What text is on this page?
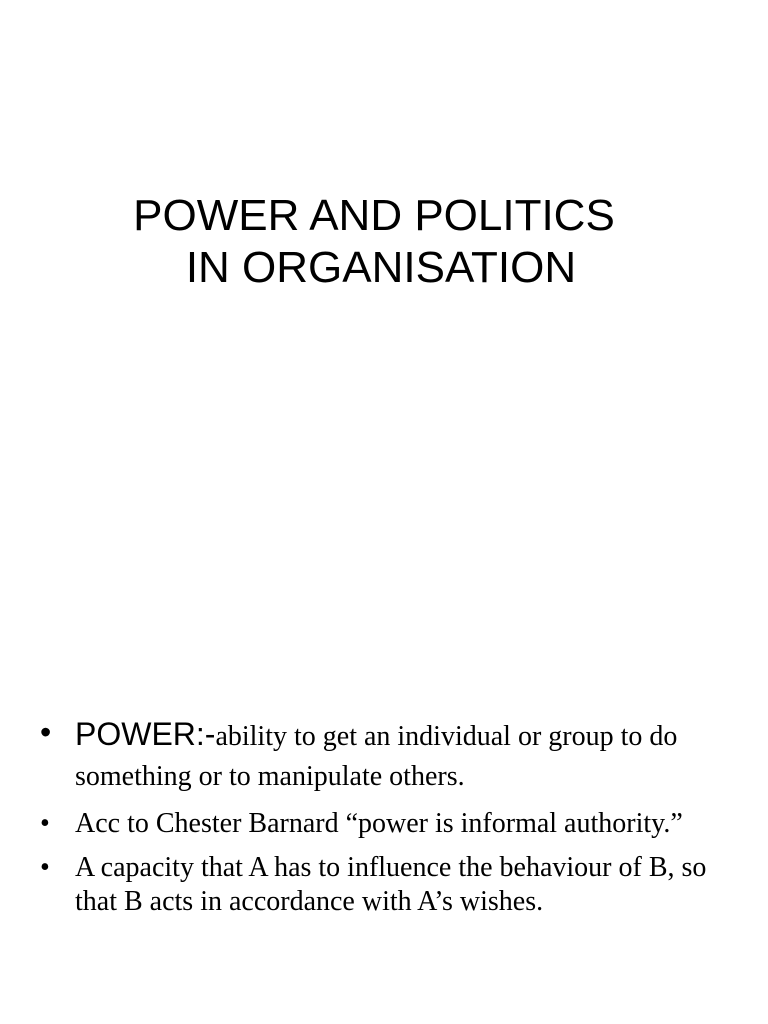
POWER AND POLITICS
IN ORGANISATION
• POWER:-ability to get an individual or group to do something or to manipulate others.
• Acc to Chester Barnard “power is informal authority.”
• A capacity that A has to influence the behaviour of B, so that B acts in accordance with A’s wishes.
